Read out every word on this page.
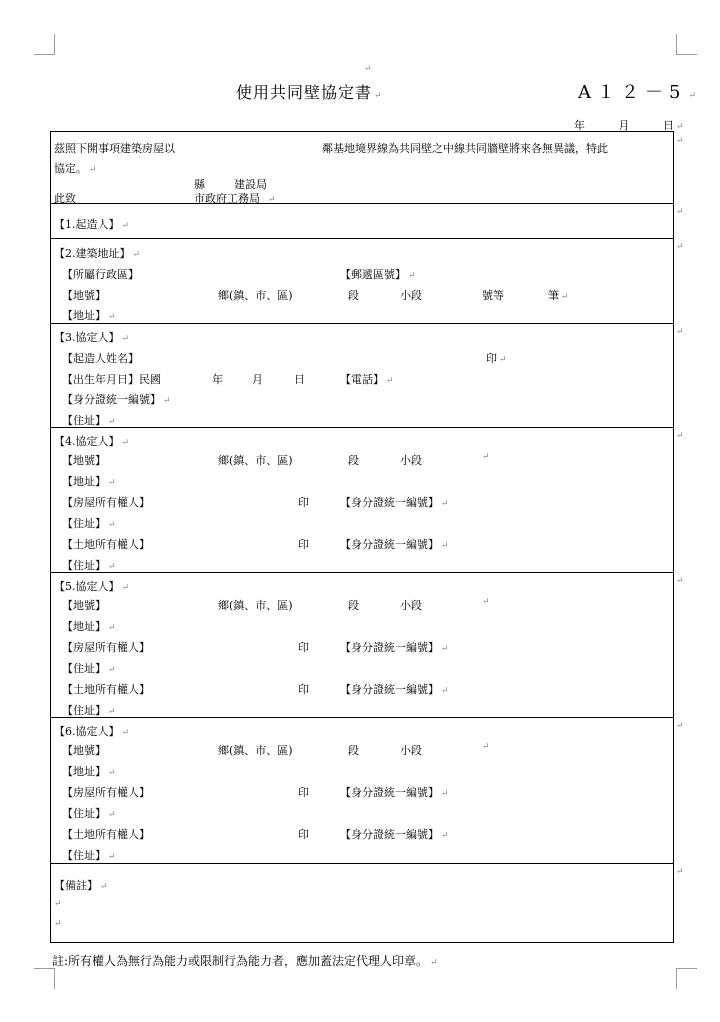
↵
使用共同壁協定書 ↵	A１２－5 ↵
年	月	日 ↵
↵
↵
↵
↵
↵
↵
↵
↵
茲照下開事項建築房屋以	鄰基地境界線為共同壁之中線共同牆壁將來各無異議，特此
協定。 ↵
縣	建設局
此致	市政府工務局 ↵
【1.起造人】 ↵
【2.建築地址】 ↵
【所屬行政區】	【郵遞區號】 ↵
【地號】	鄉(鎮、市、區)	段	小段	號等	筆 ↵
【地址】 ↵
【3.協定人】 ↵
【起造人姓名】	印 ↵
【出生年月日】民國	年	月	日	【電話】 ↵
【身分證統一編號】 ↵
【住址】 ↵
【4.協定人】 ↵
【地號】	鄉(鎮、市、區)	段	小段	↵
【地址】 ↵
【房屋所有權人】	印	【身分證統一編號】 ↵
【住址】 ↵
【土地所有權人】	印	【身分證統一編號】 ↵
【住址】 ↵
【5.協定人】 ↵
【地號】	鄉(鎮、市、區)	段	小段	↵
【地址】 ↵
【房屋所有權人】	印	【身分證統一編號】 ↵
【住址】 ↵
【土地所有權人】	印	【身分證統一編號】 ↵
【住址】 ↵
【6.協定人】 ↵
【地號】	鄉(鎮、市、區)	段	小段	↵
【地址】 ↵
【房屋所有權人】	印	【身分證統一編號】 ↵
【住址】 ↵
【土地所有權人】	印	【身分證統一編號】 ↵
【住址】 ↵
【備註】 ↵
↵
↵
註:所有權人為無行為能力或限制行為能力者，應加蓋法定代理人印章。 ↵
